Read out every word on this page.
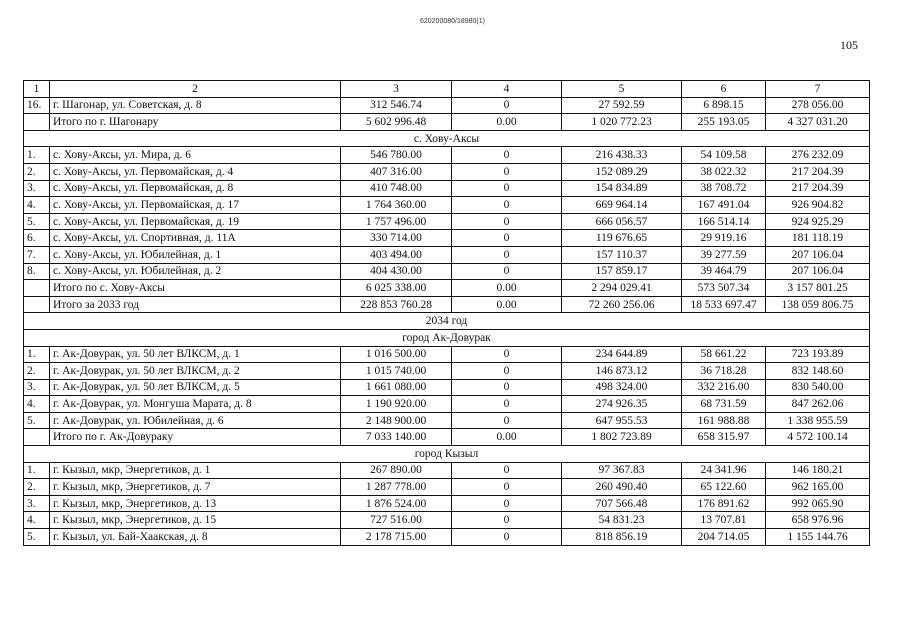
620200080/18980(1)
105
1	2	3	4	5	6	7
16.	г. Шагонар, ул. Советская, д. 8	312 546.74	0	27 592.59	6 898.15	278 056.00
	Итого по г. Шагонару	5 602 996.48	0.00	1 020 772.23	255 193.05	4 327 031.20
с. Хову-Аксы						
1.	с. Хову-Аксы, ул. Мира, д. 6	546 780.00	0	216 438.33	54 109.58	276 232.09
2.	с. Хову-Аксы, ул. Первомайская, д. 4	407 316.00	0	152 089.29	38 022.32	217 204.39
3.	с. Хову-Аксы, ул. Первомайская, д. 8	410 748.00	0	154 834.89	38 708.72	217 204.39
4.	с. Хову-Аксы, ул. Первомайская, д. 17	1 764 360.00	0	669 964.14	167 491.04	926 904.82
5.	с. Хову-Аксы, ул. Первомайская, д. 19	1 757 496.00	0	666 056.57	166 514.14	924 925.29
6.	с. Хову-Аксы, ул. Спортивная, д. 11А	330 714.00	0	119 676.65	29 919.16	181 118.19
7.	с. Хову-Аксы, ул. Юбилейная, д. 1	403 494.00	0	157 110.37	39 277.59	207 106.04
8.	с. Хову-Аксы, ул. Юбилейная, д. 2	404 430.00	0	157 859.17	39 464.79	207 106.04
	Итого по с. Хову-Аксы	6 025 338.00	0.00	2 294 029.41	573 507.34	3 157 801.25
	Итого за 2033 год	228 853 760.28	0.00	72 260 256.06	18 533 697.47	138 059 806.75
2034 год						
город Ак-Довурак						
1.	г. Ак-Довурак, ул. 50 лет ВЛКСМ, д. 1	1 016 500.00	0	234 644.89	58 661.22	723 193.89
2.	г. Ак-Довурак, ул. 50 лет ВЛКСМ, д. 2	1 015 740.00	0	146 873.12	36 718.28	832 148.60
3.	г. Ак-Довурак, ул. 50 лет ВЛКСМ, д. 5	1 661 080.00	0	498 324.00	332 216.00	830 540.00
4.	г. Ак-Довурак, ул. Монгуша Марата, д. 8	1 190 920.00	0	274 926.35	68 731.59	847 262.06
5.	г. Ак-Довурак, ул. Юбилейная, д. 6	2 148 900.00	0	647 955.53	161 988.88	1 338 955.59
	Итого по г. Ак-Довураку	7 033 140.00	0.00	1 802 723.89	658 315.97	4 572 100.14
город Кызыл						
1.	г. Кызыл, мкр, Энергетиков, д. 1	267 890.00	0	97 367.83	24 341.96	146 180.21
2.	г. Кызыл, мкр, Энергетиков, д. 7	1 287 778.00	0	260 490.40	65 122.60	962 165.00
3.	г. Кызыл, мкр, Энергетиков, д. 13	1 876 524.00	0	707 566.48	176 891.62	992 065.90
4.	г. Кызыл, мкр, Энергетиков, д. 15	727 516.00	0	54 831.23	13 707.81	658 976.96
5.	г. Кызыл, ул. Бай-Хаакская, д. 8	2 178 715.00	0	818 856.19	204 714.05	1 155 144.76
